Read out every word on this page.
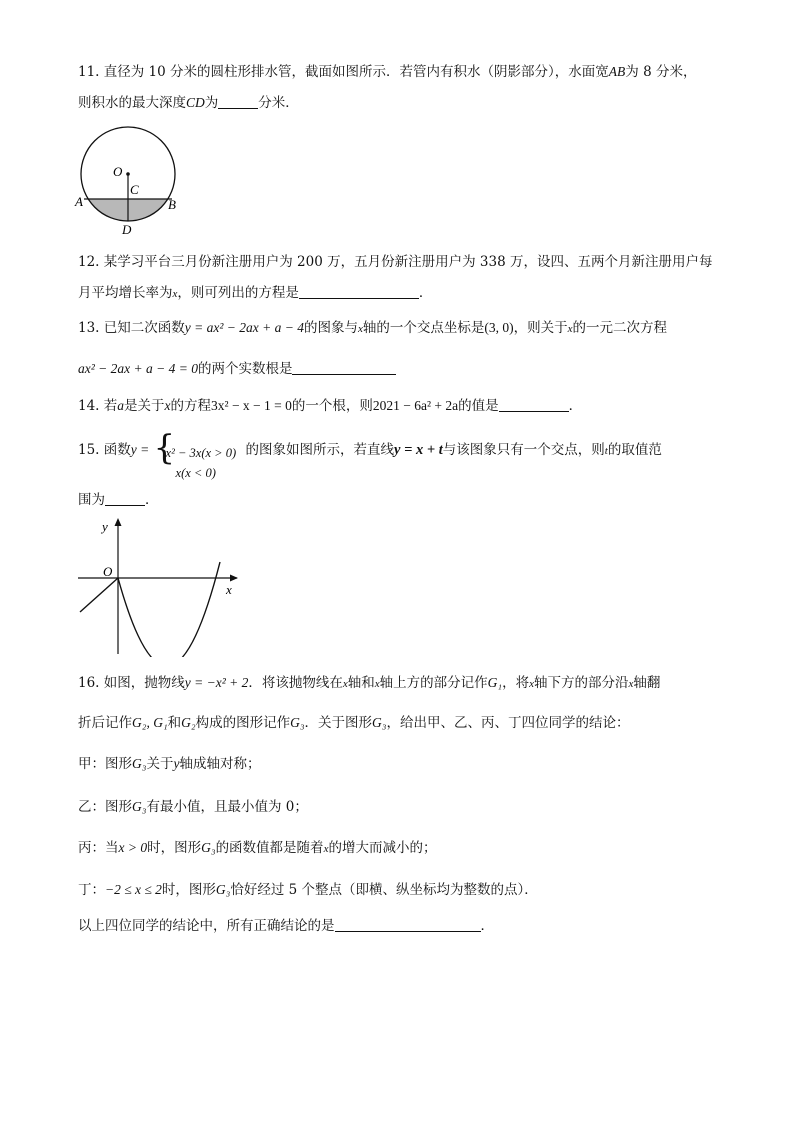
11. 直径为 10 分米的圆柱形排水管，截面如图所示．若管内有积水（阴影部分），水面宽AB为 8 分米，
则积水的最大深度CD为	分米．
O
C
A	B
D
12. 某学习平台三月份新注册用户为 200 万，五月份新注册用户为 338 万，设四、五两个月新注册用户每
月平均增长率为x，则可列出的方程是	．
13. 已知二次函数y = ax² − 2ax + a − 4的图象与x轴的一个交点坐标是(3, 0)，则关于x的一元二次方程
ax² − 2ax + a − 4 = 0的两个实数根是
14. 若a是关于x的方程3x² − x − 1 = 0的一个根，则2021 − 6a² + 2a的值是	．
15. 函数y = {
x² − 3x(x > 0)
x(x < 0)
的图象如图所示，若直线y = x + t与该图象只有一个交点，则t的取值范
围为	．
y
x
O
16. 如图，抛物线y = −x² + 2．将该抛物线在x轴和x轴上方的部分记作G₁，将x轴下方的部分沿x轴翻
折后记作G₂, G₁和G₂构成的图形记作G₃．关于图形G₃，给出甲、乙、丙、丁四位同学的结论：
甲：图形G₃关于y轴成轴对称；
乙：图形G₃有最小值，且最小值为 0；
丙：当x > 0时，图形G₃的函数值都是随着x的增大而减小的；
丁：−2 ≤ x ≤ 2时，图形G₃恰好经过 5 个整点（即横、纵坐标均为整数的点）．
以上四位同学的结论中，所有正确结论的是	．
